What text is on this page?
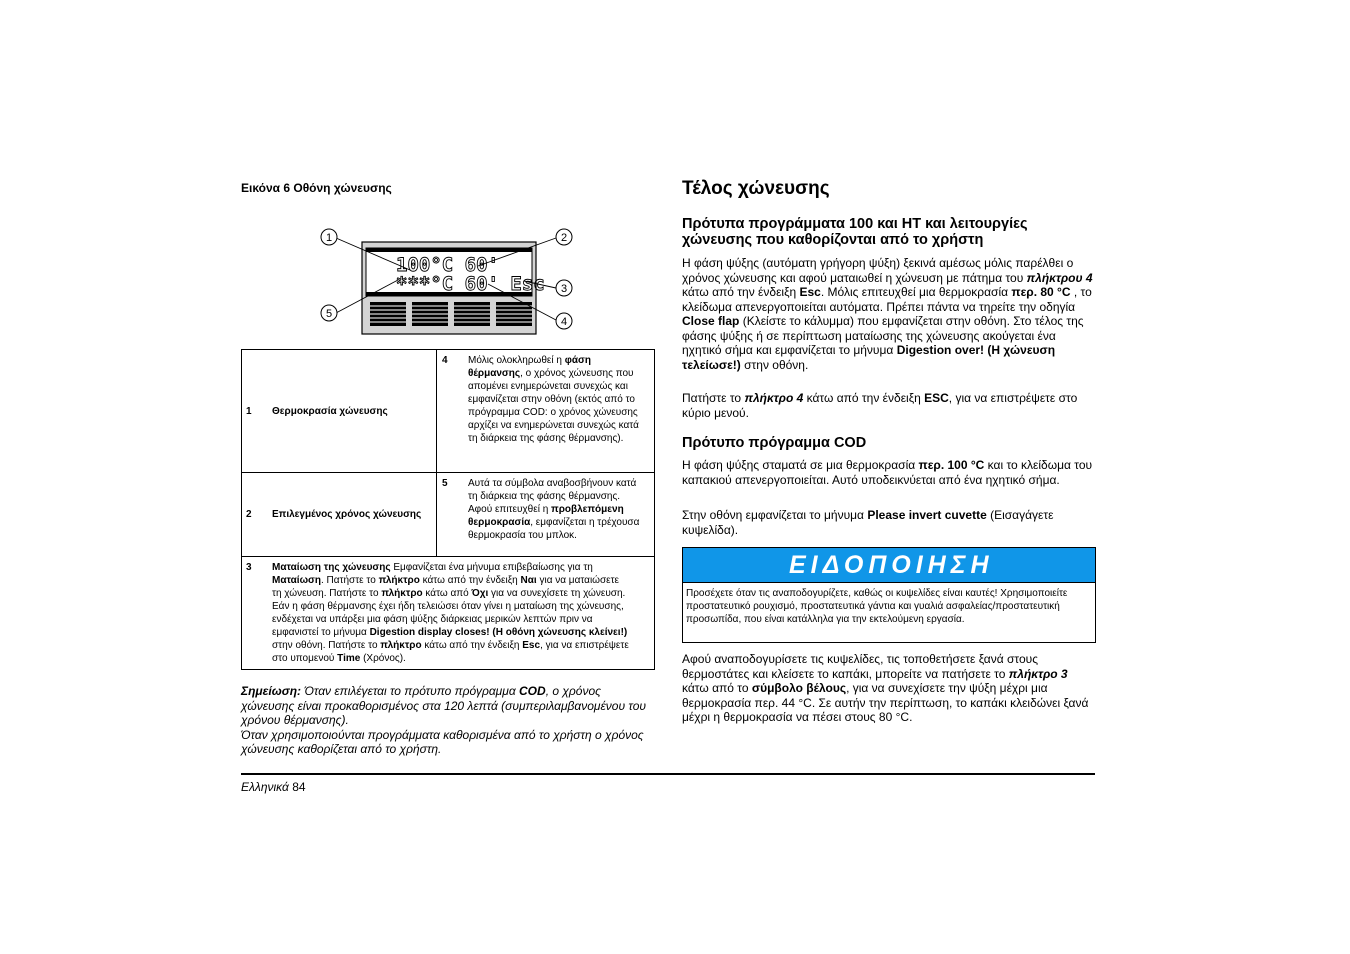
Εικόνα 6 Οθόνη χώνευσης
100°C 60'
***°C 60' Esc
1	2
3
4
5
1	Θερμοκρασία χώνευσης	4	Μόλις ολοκληρωθεί η φάση θέρμανσης, ο χρόνος χώνευσης που απομένει ενημερώνεται συνεχώς και εμφανίζεται στην οθόνη (εκτός από το πρόγραμμα COD: ο χρόνος χώνευσης αρχίζει να ενημερώνεται συνεχώς κατά τη διάρκεια της φάσης θέρμανσης).
2	Επιλεγμένος χρόνος χώνευσης	5	Αυτά τα σύμβολα αναβοσβήνουν κατά τη διάρκεια της φάσης θέρμανσης. Αφού επιτευχθεί η προβλεπόμενη θερμοκρασία, εμφανίζεται η τρέχουσα θερμοκρασία του μπλοκ.
3	Ματαίωση της χώνευσης Εμφανίζεται ένα μήνυμα επιβεβαίωσης για τη Ματαίωση. Πατήστε το πλήκτρο κάτω από την ένδειξη Ναι για να ματαιώσετε τη χώνευση. Πατήστε το πλήκτρο κάτω από Όχι για να συνεχίσετε τη χώνευση. Εάν η φάση θέρμανσης έχει ήδη τελειώσει όταν γίνει η ματαίωση της χώνευσης, ενδέχεται να υπάρξει μια φάση ψύξης διάρκειας μερικών λεπτών πριν να εμφανιστεί το μήνυμα Digestion display closes! (Η οθόνη χώνευσης κλείνει!) στην οθόνη. Πατήστε το πλήκτρο κάτω από την ένδειξη Esc, για να επιστρέψετε στο υπομενού Time (Χρόνος).		
Σημείωση: Όταν επιλέγεται το πρότυπο πρόγραμμα COD, ο χρόνος χώνευσης είναι προκαθορισμένος στα 120 λεπτά (συμπεριλαμβανομένου του χρόνου θέρμανσης).
Όταν χρησιμοποιούνται προγράμματα καθορισμένα από το χρήστη ο χρόνος χώνευσης καθορίζεται από το χρήστη.
Ελληνικά 84
Τέλος χώνευσης
Πρότυπα προγράμματα 100 και HT και λειτουργίες χώνευσης που καθορίζονται από το χρήστη
Η φάση ψύξης (αυτόματη γρήγορη ψύξη) ξεκινά αμέσως μόλις παρέλθει ο χρόνος χώνευσης και αφού ματαιωθεί η χώνευση με πάτημα του πλήκτρου 4 κάτω από την ένδειξη Esc. Μόλις επιτευχθεί μια θερμοκρασία περ. 80 °C , το κλείδωμα απενεργοποιείται αυτόματα. Πρέπει πάντα να τηρείτε την οδηγία Close flap (Κλείστε το κάλυμμα) που εμφανίζεται στην οθόνη. Στο τέλος της φάσης ψύξης ή σε περίπτωση ματαίωσης της χώνευσης ακούγεται ένα ηχητικό σήμα και εμφανίζεται το μήνυμα Digestion over! (Η χώνευση τελείωσε!) στην οθόνη.
Πατήστε το πλήκτρο 4 κάτω από την ένδειξη ESC, για να επιστρέψετε στο κύριο μενού.
Πρότυπο πρόγραμμα COD
Η φάση ψύξης σταματά σε μια θερμοκρασία περ. 100 °C και το κλείδωμα του καπακιού απενεργοποιείται. Αυτό υποδεικνύεται από ένα ηχητικό σήμα.
Στην οθόνη εμφανίζεται το μήνυμα Please invert cuvette (Εισαγάγετε κυψελίδα).
ΕΙΔΟΠΟΙΗΣΗ
Προσέχετε όταν τις αναποδογυρίζετε, καθώς οι κυψελίδες είναι καυτές! Χρησιμοποιείτε προστατευτικό ρουχισμό, προστατευτικά γάντια και γυαλιά ασφαλείας/προστατευτική προσωπίδα, που είναι κατάλληλα για την εκτελούμενη εργασία.
Αφού αναποδογυρίσετε τις κυψελίδες, τις τοποθετήσετε ξανά στους θερμοστάτες και κλείσετε το καπάκι, μπορείτε να πατήσετε το πλήκτρο 3 κάτω από το σύμβολο βέλους, για να συνεχίσετε την ψύξη μέχρι μια θερμοκρασία περ. 44 °C. Σε αυτήν την περίπτωση, το καπάκι κλειδώνει ξανά μέχρι η θερμοκρασία να πέσει στους 80 °C.
